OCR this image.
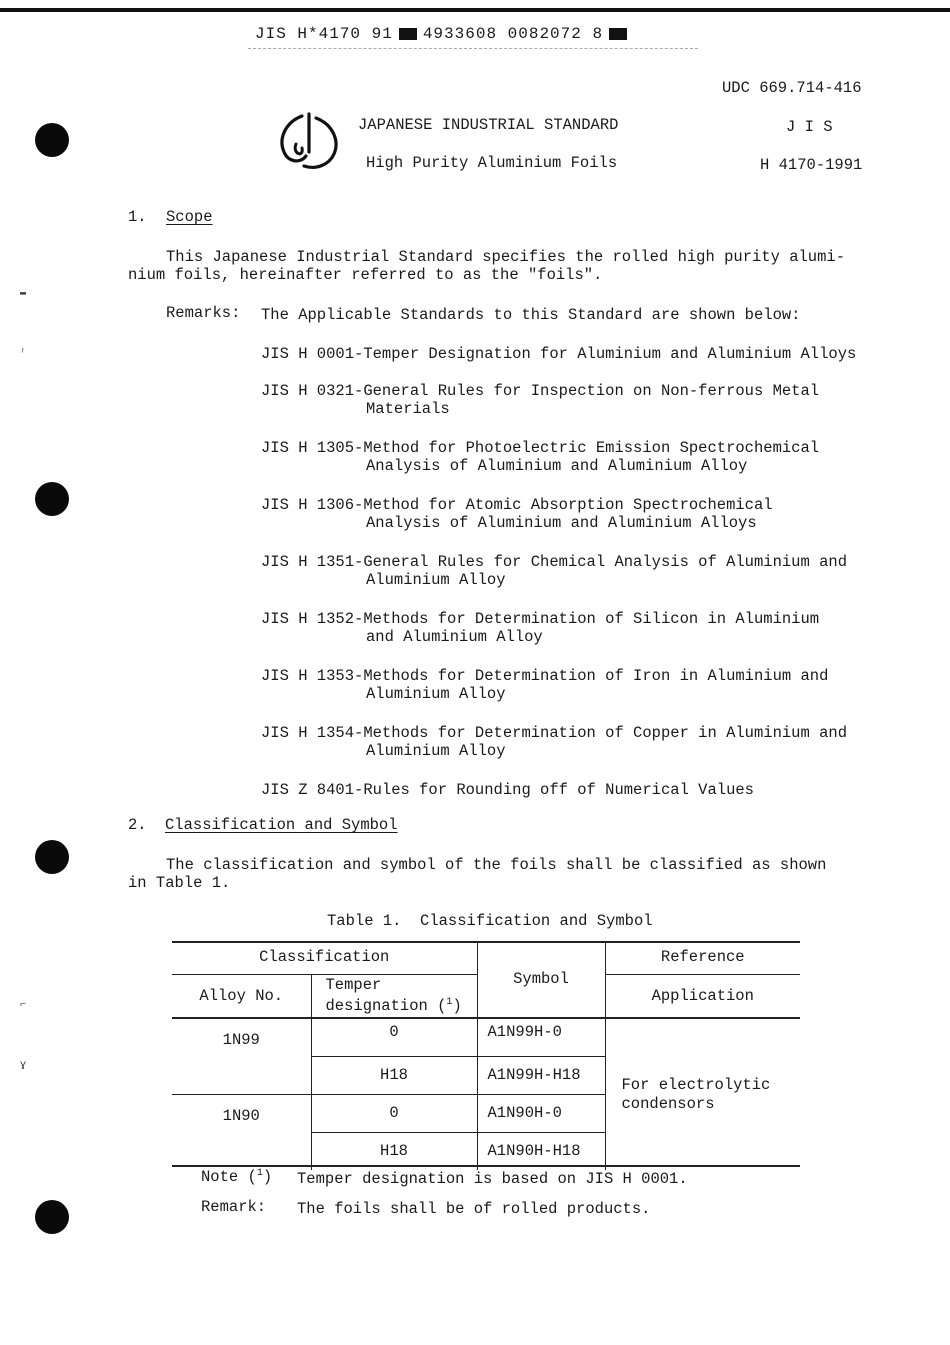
JIS H*4170 91 4933608 0082072 8
▬
ʳ
⌐
ɣ
UDC 669.714-416
JAPANESE INDUSTRIAL STANDARD	J I S
High Purity Aluminium Foils	H 4170-1991
1. Scope
This Japanese Industrial Standard specifies the rolled high purity alumi-
nium foils, hereinafter referred to as the "foils".
Remarks: The Applicable Standards to this Standard are shown below:
JIS H 0001-Temper Designation for Aluminium and Aluminium Alloys
JIS H 0321-General Rules for Inspection on Non-ferrous Metal
Materials
JIS H 1305-Method for Photoelectric Emission Spectrochemical
Analysis of Aluminium and Aluminium Alloy
JIS H 1306-Method for Atomic Absorption Spectrochemical
Analysis of Aluminium and Aluminium Alloys
JIS H 1351-General Rules for Chemical Analysis of Aluminium and
Aluminium Alloy
JIS H 1352-Methods for Determination of Silicon in Aluminium
and Aluminium Alloy
JIS H 1353-Methods for Determination of Iron in Aluminium and
Aluminium Alloy
JIS H 1354-Methods for Determination of Copper in Aluminium and
Aluminium Alloy
JIS Z 8401-Rules for Rounding off of Numerical Values
2. Classification and Symbol
The classification and symbol of the foils shall be classified as shown
in Table 1.
Table 1.  Classification and Symbol
Classification		Symbol	Reference
Alloy No.	Temper
designation ($^1$)		Application
1N99	0	A1N99H-0	For electrolytic
condensors

	H18	A1N99H-H18	
1N90	0	A1N90H-0	
	H18	A1N90H-H18	
Note ($^1$) Temper designation is based on JIS H 0001.
Remark: The foils shall be of rolled products.
